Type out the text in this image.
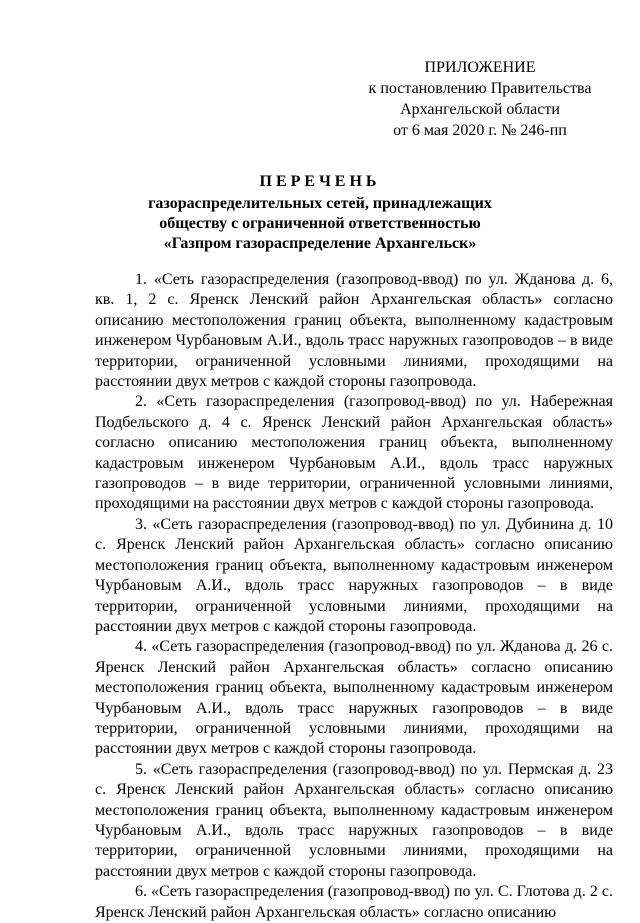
ПРИЛОЖЕНИЕ
к постановлению Правительства
Архангельской области
от 6 мая 2020 г. № 246-пп
ПЕРЕЧЕНЬ
газораспределительных сетей, принадлежащих
обществу с ограниченной ответственностью
«Газпром газораспределение Архангельск»

1. «Сеть газораспределения (газопровод-ввод) по ул. Жданова д. 6, кв. 1, 2 с. Яренск Ленский район Архангельская область» согласно описанию местоположения границ объекта, выполненному кадастровым инженером Чурбановым А.И., вдоль трасс наружных газопроводов – в виде территории, ограниченной условными линиями, проходящими на расстоянии двух метров с каждой стороны газопровода.

2. «Сеть газораспределения (газопровод-ввод) по ул. Набережная Подбельского д. 4 с. Яренск Ленский район Архангельская область» согласно описанию местоположения границ объекта, выполненному кадастровым инженером Чурбановым А.И., вдоль трасс наружных газопроводов – в виде территории, ограниченной условными линиями, проходящими на расстоянии двух метров с каждой стороны газопровода.

3. «Сеть газораспределения (газопровод-ввод) по ул. Дубинина д. 10 с. Яренск Ленский район Архангельская область» согласно описанию местоположения границ объекта, выполненному кадастровым инженером Чурбановым А.И., вдоль трасс наружных газопроводов – в виде территории, ограниченной условными линиями, проходящими на расстоянии двух метров с каждой стороны газопровода.

4. «Сеть газораспределения (газопровод-ввод) по ул. Жданова д. 26 с. Яренск Ленский район Архангельская область» согласно описанию местоположения границ объекта, выполненному кадастровым инженером Чурбановым А.И., вдоль трасс наружных газопроводов – в виде территории, ограниченной условными линиями, проходящими на расстоянии двух метров с каждой стороны газопровода.

5. «Сеть газораспределения (газопровод-ввод) по ул. Пермская д. 23 с. Яренск Ленский район Архангельская область» согласно описанию местоположения границ объекта, выполненному кадастровым инженером Чурбановым А.И., вдоль трасс наружных газопроводов – в виде территории, ограниченной условными линиями, проходящими на расстоянии двух метров с каждой стороны газопровода.

6. «Сеть газораспределения (газопровод-ввод) по ул. С. Глотова д. 2 с. Яренск Ленский район Архангельская область» согласно описанию
